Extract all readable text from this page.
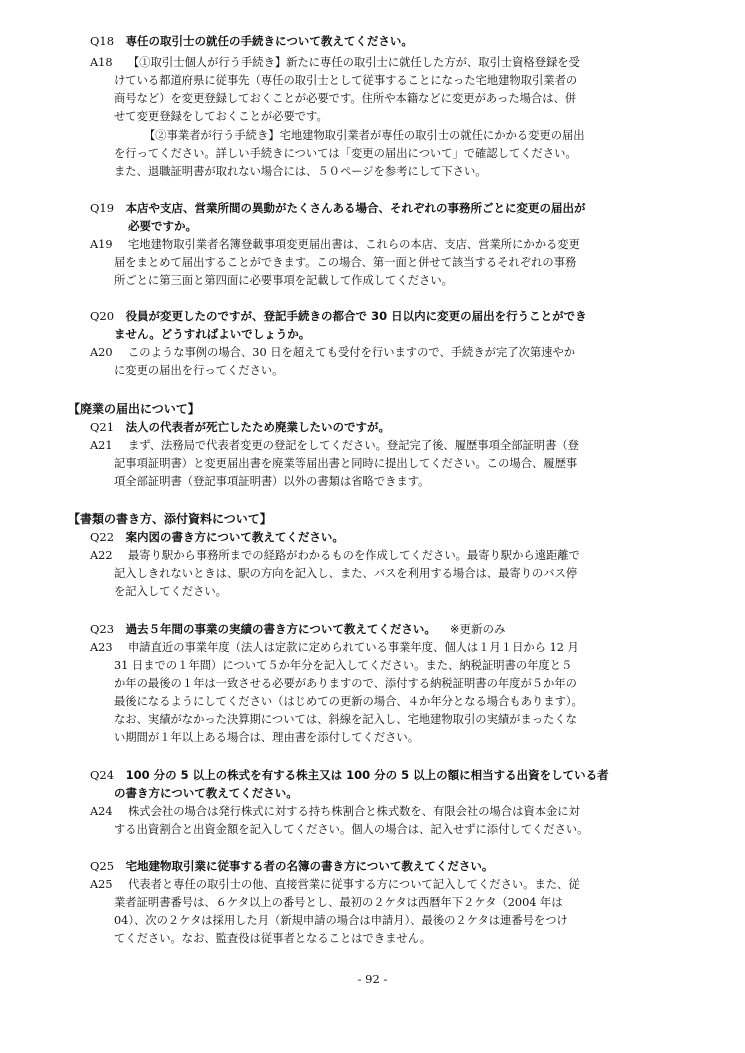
Q18　 専任の取引士の就任の手続きについて教えてください。
A18 【①取引士個人が行う手続き】新たに専任の取引士に就任した方が、取引士資格登録を受
けている都道府県に従事先（専任の取引士として従事することになった宅地建物取引業者の
商号など）を変更登録しておくことが必要です。住所や本籍などに変更があった場合は、併
せて変更登録をしておくことが必要です。
【②事業者が行う手続き】宅地建物取引業者が専任の取引士の就任にかかる変更の届出
を行ってください。詳しい手続きについては「変更の届出について」で確認してください。
また、退職証明書が取れない場合には、５０ページを参考にして下さい。
Q19　 本店や支店、営業所間の異動がたくさんある場合、それぞれの事務所ごとに変更の届出が
必要ですか。
A19 宅地建物取引業者名簿登載事項変更届出書は、これらの本店、支店、営業所にかかる変更
届をまとめて届出することができます。この場合、第一面と併せて該当するそれぞれの事務
所ごとに第三面と第四面に必要事項を記載して作成してください。
Q20　 役員が変更したのですが、登記手続きの都合で 30 日以内に変更の届出を行うことができ
ません。どうすればよいでしょうか。
A20 このような事例の場合、30 日を超えても受付を行いますので、手続きが完了次第速やか
に変更の届出を行ってください。
【廃業の届出について】
Q21　 法人の代表者が死亡したため廃業したいのですが。
A21 まず、法務局で代表者変更の登記をしてください。登記完了後、履歴事項全部証明書（登
記事項証明書）と変更届出書を廃業等届出書と同時に提出してください。この場合、履歴事
項全部証明書（登記事項証明書）以外の書類は省略できます。
【書類の書き方、添付資料について】
Q22　 案内図の書き方について教えてください。
A22 最寄り駅から事務所までの経路がわかるものを作成してください。最寄り駅から遠距離で
記入しきれないときは、駅の方向を記入し、また、バスを利用する場合は、最寄りのバス停
を記入してください。
Q23　 過去５年間の事業の実績の書き方について教えてください。 ※更新のみ
A23 申請直近の事業年度（法人は定款に定められている事業年度、個人は１月１日から 12 月
31 日までの１年間）について５か年分を記入してください。また、納税証明書の年度と５
か年の最後の１年は一致させる必要がありますので、添付する納税証明書の年度が５か年の
最後になるようにしてください（はじめての更新の場合、４か年分となる場合もあります）。
なお、実績がなかった決算期については、斜線を記入し、宅地建物取引の実績がまったくな
い期間が１年以上ある場合は、理由書を添付してください。
Q24　 100 分の 5 以上の株式を有する株主又は 100 分の 5 以上の額に相当する出資をしている者
の書き方について教えてください。
A24 株式会社の場合は発行株式に対する持ち株割合と株式数を、有限会社の場合は資本金に対
する出資割合と出資金額を記入してください。個人の場合は、記入せずに添付してください。
Q25　 宅地建物取引業に従事する者の名簿の書き方について教えてください。
A25 代表者と専任の取引士の他、直接営業に従事する方について記入してください。また、従
業者証明書番号は、６ケタ以上の番号とし、最初の２ケタは西暦年下２ケタ（2004 年は
04）、次の２ケタは採用した月（新規申請の場合は申請月）、最後の２ケタは連番号をつけ
てください。なお、監査役は従事者となることはできません。
- 92 -
